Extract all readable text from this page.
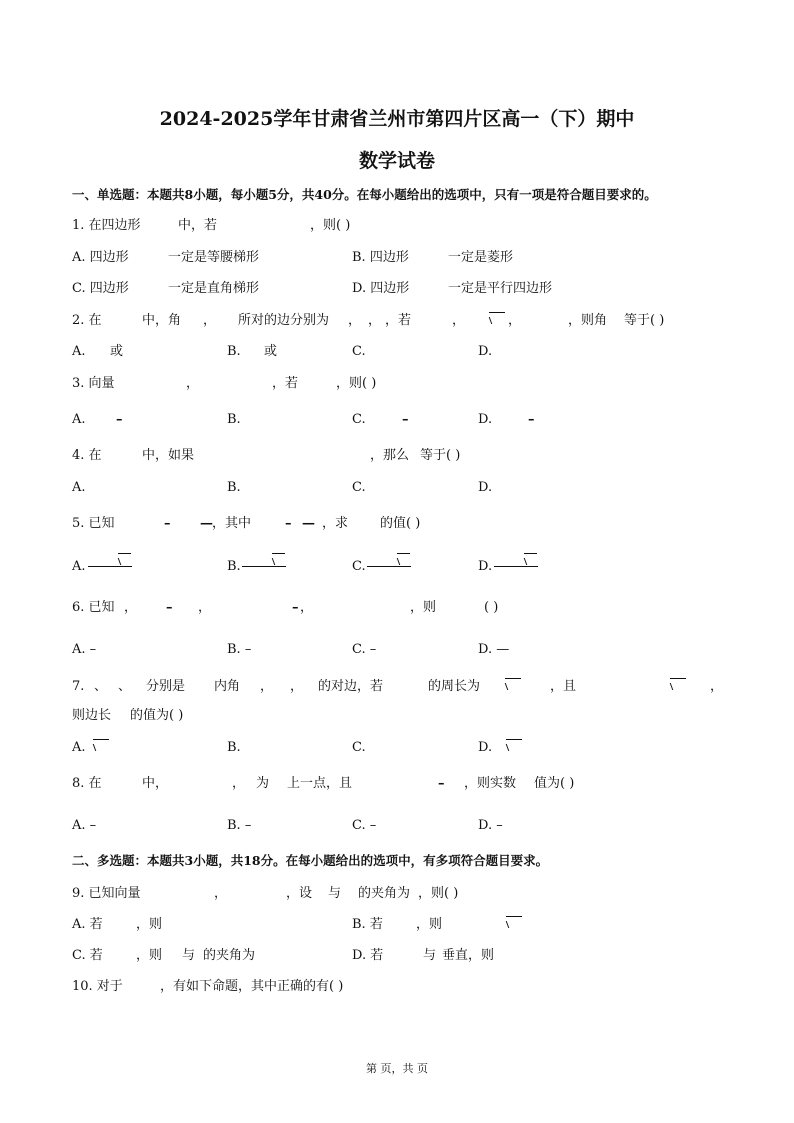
2024-2025学年甘肃省兰州市第四片区高一（下）期中
数学试卷
一、单选题：本题共8小题，每小题5分，共40分。在每小题给出的选项中，只有一项是符合题目要求的。
1. 在四边形	中，若	，则( )
A. 四边形	一定是等腰梯形	B. 四边形	一定是菱形
C. 四边形	一定是直角梯形	D. 四边形	一定是平行四边形
2. 在	中，角 ， 所对的边分别为 ， ， ，若	，	，	，则角 等于( )
A. 或	B. 或	C.	D.
3. 向量	，	，若	，则( )
A. –	B.	C.	–	D.	–
4. 在	中，如果	，那么 等于( )
A.	B.	C.	D.
5. 已知	– — ，其中	– — ，求 的值( )
A.	B.	C.	D.
6. 已知 ， – ，	– ，	，则	( )
A. –	B. –	C. –	D. —
7. 、 、 分别是 内角 ， ， 的对边，若	的周长为	，且	，
则边长 的值为( )
A.	B.	C.	D.
8. 在	中，	， 为 上一点，且	– ，则实数 值为( )
A. –	B. –	C. –	D. –
二、多选题：本题共3小题，共18分。在每小题给出的选项中，有多项符合题目要求。
9. 已知向量	，	，设 与 的夹角为 ，则( )
A. 若	，则	B. 若	，则
C. 若	，则 与 的夹角为	D. 若	与 垂直，则
10. 对于	，有如下命题，其中正确的有( )
第 页，共 页
